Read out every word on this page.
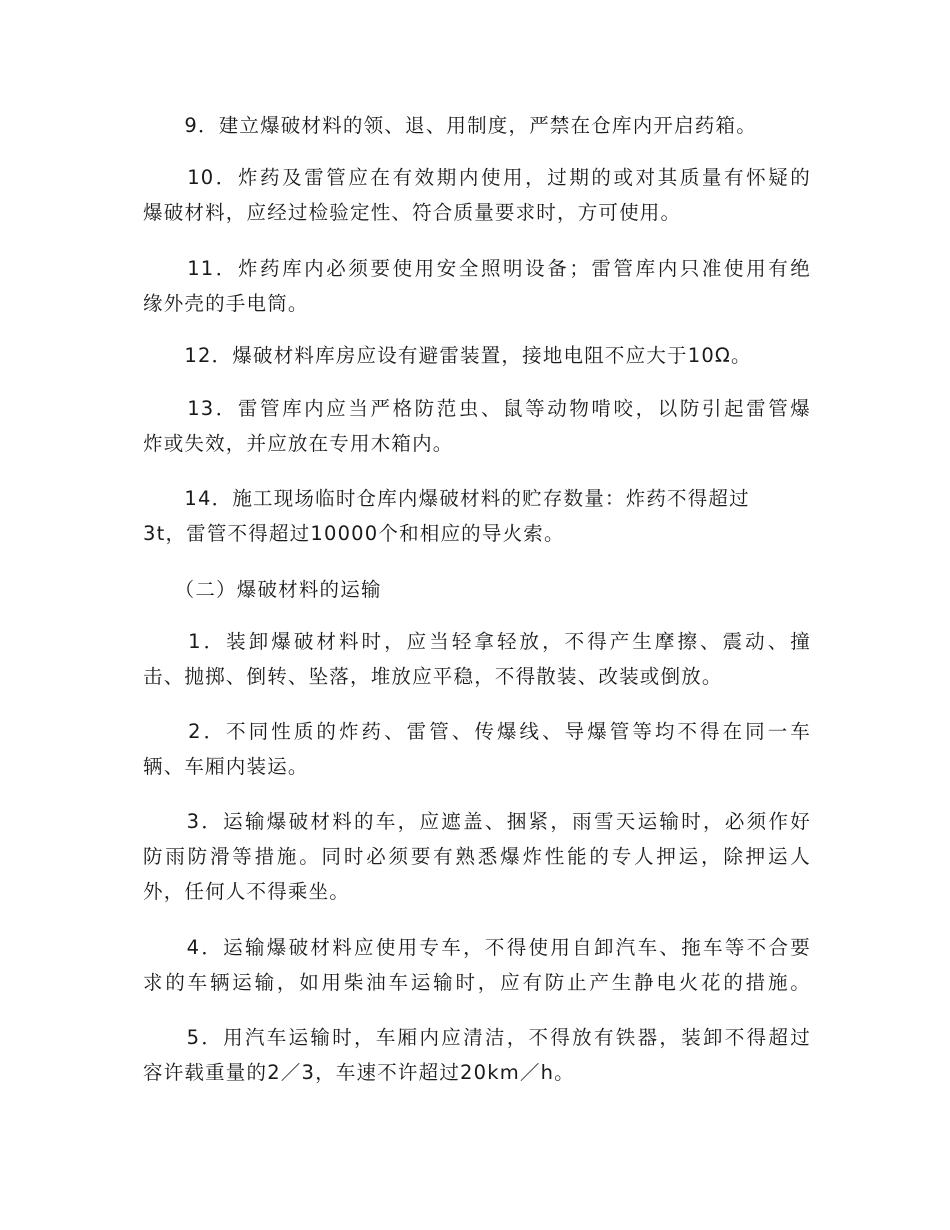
　　9．建立爆破材料的领、退、用制度，严禁在仓库内开启药箱。
　　10．炸药及雷管应在有效期内使用，过期的或对其质量有怀疑的
爆破材料，应经过检验定性、符合质量要求时，方可使用。
　　11．炸药库内必须要使用安全照明设备；雷管库内只准使用有绝
缘外壳的手电筒。
　　12．爆破材料库房应设有避雷装置，接地电阻不应大于10Ω。
　　13．雷管库内应当严格防范虫、鼠等动物啃咬，以防引起雷管爆
炸或失效，并应放在专用木箱内。
　　14．施工现场临时仓库内爆破材料的贮存数量：炸药不得超过
3t，雷管不得超过10000个和相应的导火索。
　　（二）爆破材料的运输
　　1．装卸爆破材料时，应当轻拿轻放，不得产生摩擦、震动、撞
击、抛掷、倒转、坠落，堆放应平稳，不得散装、改装或倒放。
　　2．不同性质的炸药、雷管、传爆线、导爆管等均不得在同一车
辆、车厢内装运。
　　3．运输爆破材料的车，应遮盖、捆紧，雨雪天运输时，必须作好
防雨防滑等措施。同时必须要有熟悉爆炸性能的专人押运，除押运人
外，任何人不得乘坐。
　　4．运输爆破材料应使用专车，不得使用自卸汽车、拖车等不合要
求的车辆运输，如用柴油车运输时，应有防止产生静电火花的措施。
　　5．用汽车运输时，车厢内应清洁，不得放有铁器，装卸不得超过
容许载重量的2／3，车速不许超过20km／h。
